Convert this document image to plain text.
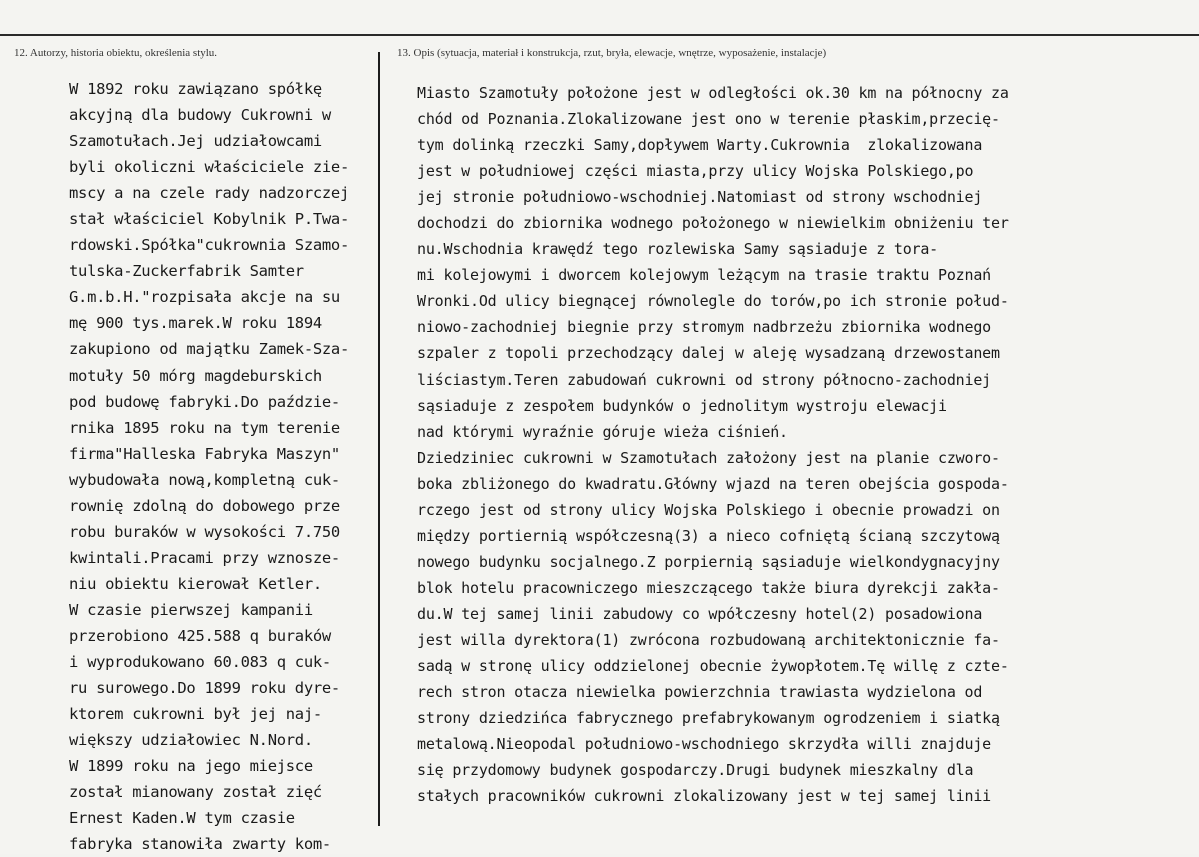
12. Autorzy, historia obiektu, określenia stylu.	13. Opis (sytuacja, materiał i konstrukcja, rzut, bryła, elewacje, wnętrze, wyposażenie, instalacje)
W 1892 roku zawiązano spółkę
akcyjną dla budowy Cukrowni w
Szamotułach.Jej udziałowcami
byli okoliczni właściciele zie-
mscy a na czele rady nadzorczej
stał właściciel Kobylnik P.Twa-
rdowski.Spółka"cukrownia Szamo-
tulska-Zuckerfabrik Samter
G.m.b.H."rozpisała akcje na su
mę 900 tys.marek.W roku 1894
zakupiono od majątku Zamek-Sza-
motuły 50 mórg magdeburskich
pod budowę fabryki.Do paździe-
rnika 1895 roku na tym terenie
firma"Halleska Fabryka Maszyn"
wybudowała nową,kompletną cuk-
rownię zdolną do dobowego prze
robu buraków w wysokości 7.750
kwintali.Pracami przy wznosze-
niu obiektu kierował Ketler.
W czasie pierwszej kampanii
przerobiono 425.588 q buraków
i wyprodukowano 60.083 q cuk-
ru surowego.Do 1899 roku dyre-
ktorem cukrowni był jej naj-
większy udziałowiec N.Nord.
W 1899 roku na jego miejsce
został mianowany został zięć
Ernest Kaden.W tym czasie
fabryka stanowiła zwarty kom-
Miasto Szamotuły położone jest w odległości ok.30 km na północny za
chód od Poznania.Zlokalizowane jest ono w terenie płaskim,przecię-
tym dolinką rzeczki Samy,dopływem Warty.Cukrownia  zlokalizowana
jest w południowej części miasta,przy ulicy Wojska Polskiego,po
jej stronie południowo-wschodniej.Natomiast od strony wschodniej
dochodzi do zbiornika wodnego położonego w niewielkim obniżeniu ter
nu.Wschodnia krawędź tego rozlewiska Samy sąsiaduje z tora-
mi kolejowymi i dworcem kolejowym leżącym na trasie traktu Poznań
Wronki.Od ulicy biegnącej równolegle do torów,po ich stronie połud-
niowo-zachodniej biegnie przy stromym nadbrzeżu zbiornika wodnego
szpaler z topoli przechodzący dalej w aleję wysadzaną drzewostanem
liściastym.Teren zabudowań cukrowni od strony północno-zachodniej
sąsiaduje z zespołem budynków o jednolitym wystroju elewacji
nad którymi wyraźnie góruje wieża ciśnień.
Dziedziniec cukrowni w Szamotułach założony jest na planie czworo-
boka zbliżonego do kwadratu.Główny wjazd na teren obejścia gospoda-
rczego jest od strony ulicy Wojska Polskiego i obecnie prowadzi on
między portiernią współczesną(3) a nieco cofniętą ścianą szczytową
nowego budynku socjalnego.Z porpiernią sąsiaduje wielkondygnacyjny
blok hotelu pracowniczego mieszczącego także biura dyrekcji zakła-
du.W tej samej linii zabudowy co wpółczesny hotel(2) posadowiona
jest willa dyrektora(1) zwrócona rozbudowaną architektonicznie fa-
sadą w stronę ulicy oddzielonej obecnie żywopłotem.Tę willę z czte-
rech stron otacza niewielka powierzchnia trawiasta wydzielona od
strony dziedzińca fabrycznego prefabrykowanym ogrodzeniem i siatką
metalową.Nieopodal południowo-wschodniego skrzydła willi znajduje
się przydomowy budynek gospodarczy.Drugi budynek mieszkalny dla
stałych pracowników cukrowni zlokalizowany jest w tej samej linii
